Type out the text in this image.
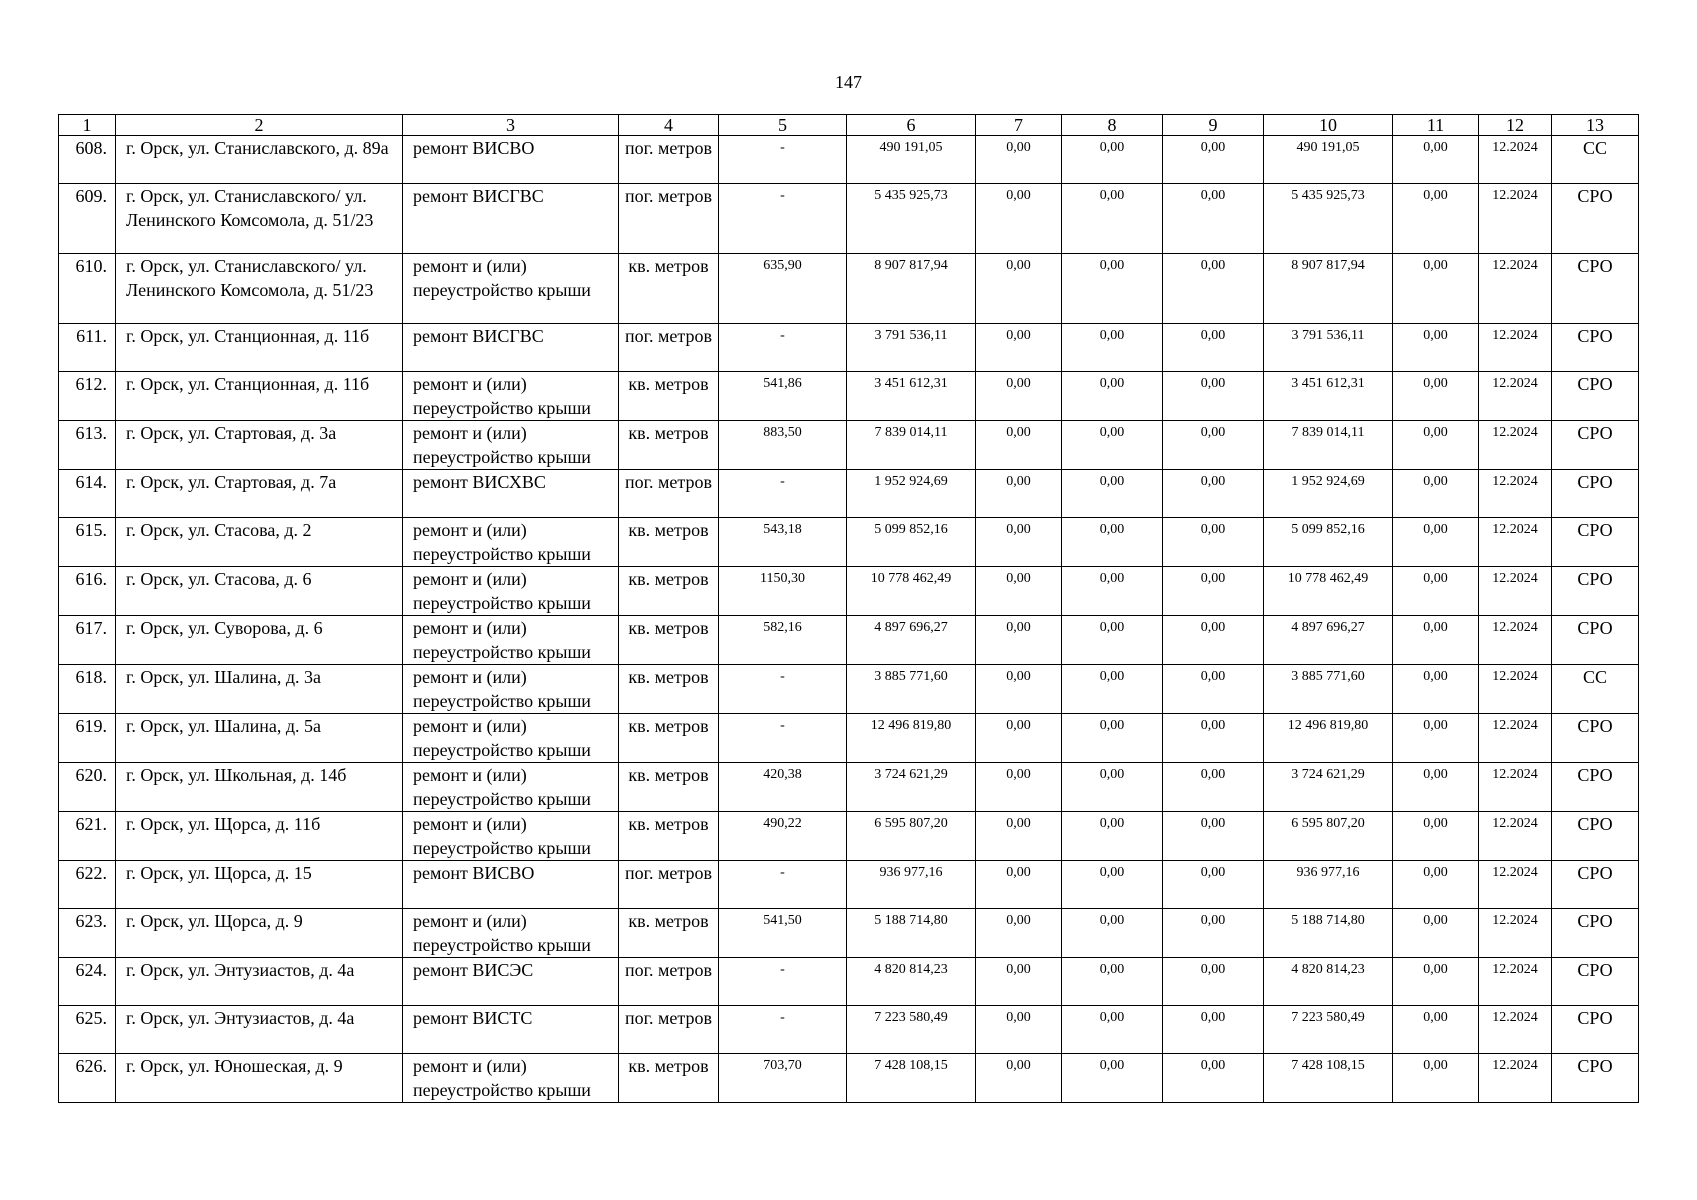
147
1	2	3	4	5	6	7	8	9	10	11	12	13
608.	г. Орск, ул. Станиславского, д. 89а	ремонт ВИСВО	пог. метров	-	490 191,05	0,00	0,00	0,00	490 191,05	0,00	12.2024	СС
609.	г. Орск, ул. Станиславского/ ул. Ленинского Комсомола, д. 51/23	ремонт ВИСГВС	пог. метров	-	5 435 925,73	0,00	0,00	0,00	5 435 925,73	0,00	12.2024	СРО
610.	г. Орск, ул. Станиславского/ ул. Ленинского Комсомола, д. 51/23	ремонт и (или) переустройство крыши	кв. метров	635,90	8 907 817,94	0,00	0,00	0,00	8 907 817,94	0,00	12.2024	СРО
611.	г. Орск, ул. Станционная, д. 11б	ремонт ВИСГВС	пог. метров	-	3 791 536,11	0,00	0,00	0,00	3 791 536,11	0,00	12.2024	СРО
612.	г. Орск, ул. Станционная, д. 11б	ремонт и (или) переустройство крыши	кв. метров	541,86	3 451 612,31	0,00	0,00	0,00	3 451 612,31	0,00	12.2024	СРО
613.	г. Орск, ул. Стартовая, д. 3а	ремонт и (или) переустройство крыши	кв. метров	883,50	7 839 014,11	0,00	0,00	0,00	7 839 014,11	0,00	12.2024	СРО
614.	г. Орск, ул. Стартовая, д. 7а	ремонт ВИСХВС	пог. метров	-	1 952 924,69	0,00	0,00	0,00	1 952 924,69	0,00	12.2024	СРО
615.	г. Орск, ул. Стасова, д. 2	ремонт и (или) переустройство крыши	кв. метров	543,18	5 099 852,16	0,00	0,00	0,00	5 099 852,16	0,00	12.2024	СРО
616.	г. Орск, ул. Стасова, д. 6	ремонт и (или) переустройство крыши	кв. метров	1150,30	10 778 462,49	0,00	0,00	0,00	10 778 462,49	0,00	12.2024	СРО
617.	г. Орск, ул. Суворова, д. 6	ремонт и (или) переустройство крыши	кв. метров	582,16	4 897 696,27	0,00	0,00	0,00	4 897 696,27	0,00	12.2024	СРО
618.	г. Орск, ул. Шалина, д. 3а	ремонт и (или) переустройство крыши	кв. метров	-	3 885 771,60	0,00	0,00	0,00	3 885 771,60	0,00	12.2024	СС
619.	г. Орск, ул. Шалина, д. 5а	ремонт и (или) переустройство крыши	кв. метров	-	12 496 819,80	0,00	0,00	0,00	12 496 819,80	0,00	12.2024	СРО
620.	г. Орск, ул. Школьная, д. 14б	ремонт и (или) переустройство крыши	кв. метров	420,38	3 724 621,29	0,00	0,00	0,00	3 724 621,29	0,00	12.2024	СРО
621.	г. Орск, ул. Щорса, д. 11б	ремонт и (или) переустройство крыши	кв. метров	490,22	6 595 807,20	0,00	0,00	0,00	6 595 807,20	0,00	12.2024	СРО
622.	г. Орск, ул. Щорса, д. 15	ремонт ВИСВО	пог. метров	-	936 977,16	0,00	0,00	0,00	936 977,16	0,00	12.2024	СРО
623.	г. Орск, ул. Щорса, д. 9	ремонт и (или) переустройство крыши	кв. метров	541,50	5 188 714,80	0,00	0,00	0,00	5 188 714,80	0,00	12.2024	СРО
624.	г. Орск, ул. Энтузиастов, д. 4а	ремонт ВИСЭС	пог. метров	-	4 820 814,23	0,00	0,00	0,00	4 820 814,23	0,00	12.2024	СРО
625.	г. Орск, ул. Энтузиастов, д. 4а	ремонт ВИСТС	пог. метров	-	7 223 580,49	0,00	0,00	0,00	7 223 580,49	0,00	12.2024	СРО
626.	г. Орск, ул. Юношеская, д. 9	ремонт и (или) переустройство крыши	кв. метров	703,70	7 428 108,15	0,00	0,00	0,00	7 428 108,15	0,00	12.2024	СРО
